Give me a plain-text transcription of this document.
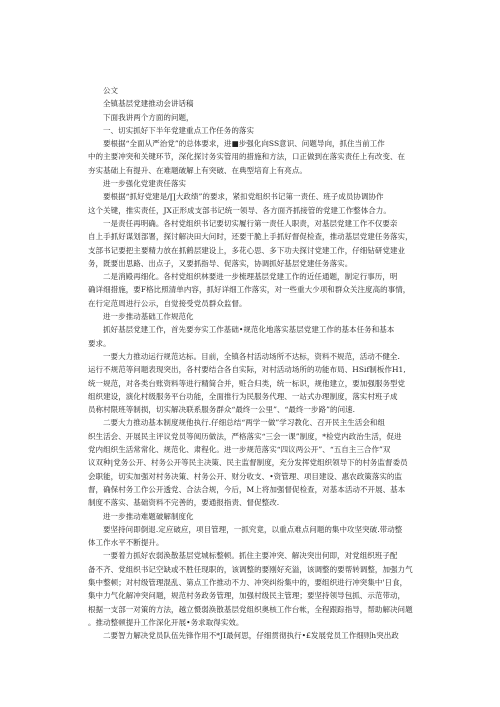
公文
全镇基层党建推动会讲话稿
下面我讲两个方面的问题，
一、切实抓好下半年党建重点工作任务的落实
要根据“全面从严治党”的总体要求，进■步强化向SS意识、问题导向，抓住当前工作
中的主要冲突和关键环节，深化探讨务实管用的措施和方法，口正做到在落实责任上有改变、在
夯实基础上有提升、在难题破解上有突破、在典型培育上有亮点。
进一步强化党建责任落实
要根据“抓好党建是/∏大政绩”的要求，紧扣党组织书记第一责任、班子成员协调协作
这个关键，推实责任，JX正形成支部书记统一领导、各方面齐抓接管的党建工作整体合力。
一是责任再明确。各村党组织书记要切实履行第一责任人职责，对基层党建工作不仅要亲
自上手抓好谋划部署，探讨解决田大问时，还要干脆上手抓好督促检查，推动基层党建任务落实，
支部书记要把主要精力放在抓鹤层建设上，多花心思、多下功夫探讨党建工作，仔细钻研党建业
务，既要出思路、出点子，又要抓指导、促落实，协调抓好基层党建任务落实。
二是消殿再细化。各村党组织林要进一步梳理基层党建工作的近任通题，制定行事历，明
确详细措施，要F格比照清单内容，抓好详细工作落实，对一些重大少项和群众关注度高的事情，
在行定范周进行公示，自觉接受党员群众监督。
进一步推动基础工作规范化
抓好基层党建工作，首先要夯实工作基础•规范化地落实基层党建工作的基本任务和基本
要求。
一要大力推动运行规范达标。目前，全镇各村活动场所不达标，资料不规范，活动不健全.
运行不规范等问题表现突出，各村要结合各自实际，对村活动场所的功能布局、HSif制板作H1,
统一规范，对各类台账资料等进行精简合并，赃合归类，统一标识，规他建立，要加强服务型党
组织建设，演化村级服务平台功能，全面推行为民服务代理、一站式办理制度，落实村班子成
员称村限班等制损，切实解决联系服务群众“最终一公里”、“最终一步路”的问速.
二要大力推动基本制度规他执行.仔细总结“两学一做”学习教化、召开民主生活会和组
织生活会、开展民主评议党员等阅历做法，严格落实“三会一课”制度，*检党内政治生活，促进
党内组织生活常常化、规范化、肃程化。进一步规范落实“四议两公开”、“五自主三合作”双
议双种|党务公开、村务公开等民主决策、民主监督制度，充分发挥党组织领导下的村务监督委员
会职能，切实加强对村务决策、村务公开、财分收支、•资管理、项目建设、惠农政策落实的监
督，确保村务工作公开透党、合法合规，今后，M上将加强督促检查，对基本活动不开展、基本
制度不落实、基础资料不完善的，要通报指责、督促整改.
进一步推动难题破解制度化
要坚持问即倒退.定应破应，项目管理，一抓究竟，以重点难点问题的集中攻坚突破.带动整
体工作水平不断提升。
一要着力抓好农弱涣散基层党城标整顿。抓住主要冲突、解决突出何即，对党组织班子配
备不齐、党组织书记空缺或不胜任现职的，该调整的要刚好充溢，该调整的要帮转调整，加强力气
集中整顿；对村级管理混乱、第点工作推动不力、冲突纠纷集中的，要组织进行冲突集中'日食，
集中力气化解冲突问题，规范村务政务管理，加强村级民主管理；要坚持领导包抓、示范带动，
根据一支部一对策的方法，越立慑弱涣散基层党组织奥核工作台帐，全程跟踪指导，帮助解决问题
。推动整顿提升工作深化开展•务求取得实效。
二要智力解决党员队伍先锋作用不*JI最何思，仔细贯彻执行•£发展党员工作细则h突出政
